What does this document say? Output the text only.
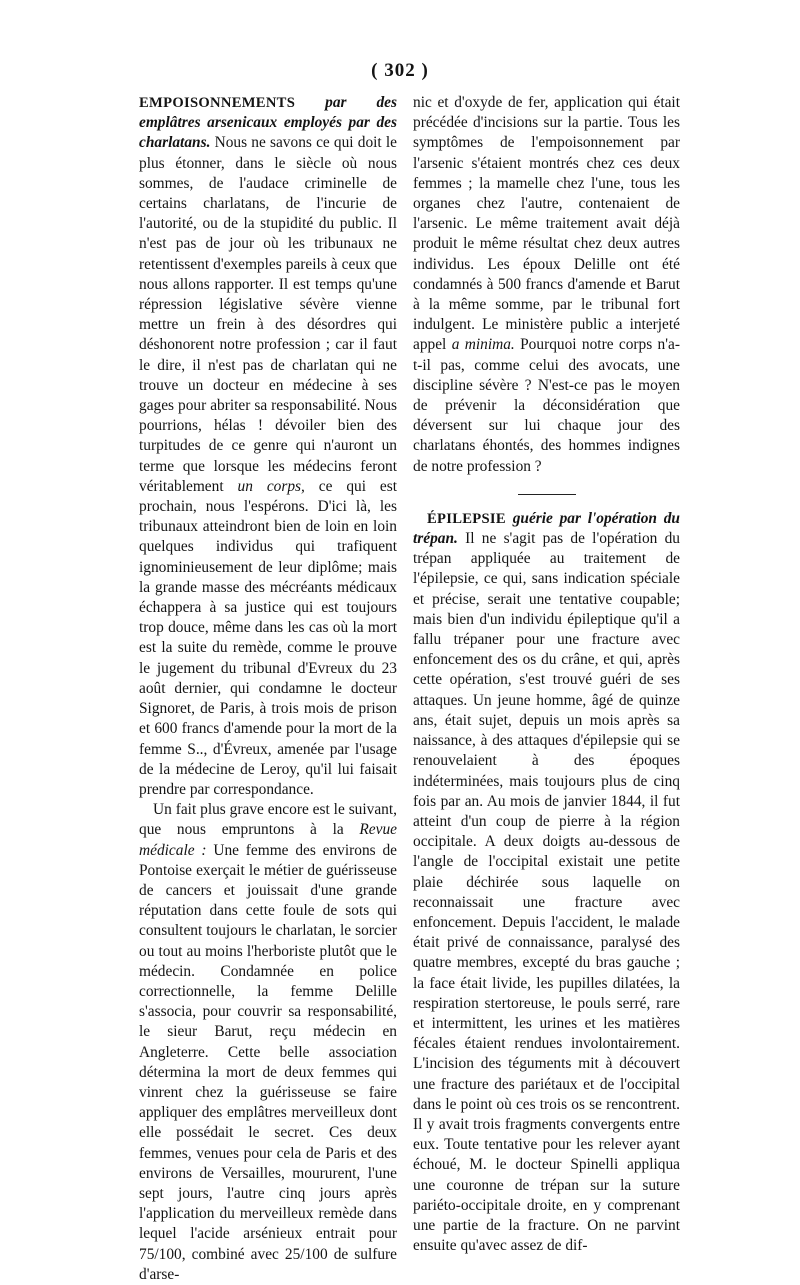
( 302 )

EMPOISONNEMENTS par des emplâtres arsenicaux employés par des charlatans. Nous ne savons ce qui doit le plus étonner, dans le siècle où nous sommes, de l'audace criminelle de certains charlatans, de l'incurie de l'autorité, ou de la stupidité du public. Il n'est pas de jour où les tribunaux ne retentissent d'exemples pareils à ceux que nous allons rapporter. Il est temps qu'une répression législative sévère vienne mettre un frein à des désordres qui déshonorent notre profession ; car il faut le dire, il n'est pas de charlatan qui ne trouve un docteur en médecine à ses gages pour abriter sa responsabilité. Nous pourrions, hélas ! dévoiler bien des turpitudes de ce genre qui n'auront un terme que lorsque les médecins feront véritablement un corps, ce qui est prochain, nous l'espérons. D'ici là, les tribunaux atteindront bien de loin en loin quelques individus qui trafiquent ignominieusement de leur diplôme; mais la grande masse des mécréants médicaux échappera à sa justice qui est toujours trop douce, même dans les cas où la mort est la suite du remède, comme le prouve le jugement du tribunal d'Evreux du 23 août dernier, qui condamne le docteur Signoret, de Paris, à trois mois de prison et 600 francs d'amende pour la mort de la femme S.., d'Évreux, amenée par l'usage de la médecine de Leroy, qu'il lui faisait prendre par correspondance.

Un fait plus grave encore est le suivant, que nous empruntons à la Revue médicale : Une femme des environs de Pontoise exerçait le métier de guérisseuse de cancers et jouissait d'une grande réputation dans cette foule de sots qui consultent toujours le charlatan, le sorcier ou tout au moins l'herboriste plutôt que le médecin. Condamnée en police correctionnelle, la femme Delille s'associa, pour couvrir sa responsabilité, le sieur Barut, reçu médecin en Angleterre. Cette belle association détermina la mort de deux femmes qui vinrent chez la guérisseuse se faire appliquer des emplâtres merveilleux dont elle possédait le secret. Ces deux femmes, venues pour cela de Paris et des environs de Versailles, moururent, l'une sept jours, l'autre cinq jours après l'application du merveilleux remède dans lequel l'acide arsénieux entrait pour 75/100, combiné avec 25/100 de sulfure d'arse-

nic et d'oxyde de fer, application qui était précédée d'incisions sur la partie. Tous les symptômes de l'empoisonnement par l'arsenic s'étaient montrés chez ces deux femmes ; la mamelle chez l'une, tous les organes chez l'autre, contenaient de l'arsenic. Le même traitement avait déjà produit le même résultat chez deux autres individus. Les époux Delille ont été condamnés à 500 francs d'amende et Barut à la même somme, par le tribunal fort indulgent. Le ministère public a interjeté appel a minima. Pourquoi notre corps n'a-t-il pas, comme celui des avocats, une discipline sévère ? N'est-ce pas le moyen de prévenir la déconsidération que déversent sur lui chaque jour des charlatans éhontés, des hommes indignes de notre profession ?

ÉPILEPSIE guérie par l'opération du trépan. Il ne s'agit pas de l'opération du trépan appliquée au traitement de l'épilepsie, ce qui, sans indication spéciale et précise, serait une tentative coupable; mais bien d'un individu épileptique qu'il a fallu trépaner pour une fracture avec enfoncement des os du crâne, et qui, après cette opération, s'est trouvé guéri de ses attaques. Un jeune homme, âgé de quinze ans, était sujet, depuis un mois après sa naissance, à des attaques d'épilepsie qui se renouvelaient à des époques indéterminées, mais toujours plus de cinq fois par an. Au mois de janvier 1844, il fut atteint d'un coup de pierre à la région occipitale. A deux doigts au-dessous de l'angle de l'occipital existait une petite plaie déchirée sous laquelle on reconnaissait une fracture avec enfoncement. Depuis l'accident, le malade était privé de connaissance, paralysé des quatre membres, excepté du bras gauche ; la face était livide, les pupilles dilatées, la respiration stertoreuse, le pouls serré, rare et intermittent, les urines et les matières fécales étaient rendues involontairement. L'incision des téguments mit à découvert une fracture des pariétaux et de l'occipital dans le point où ces trois os se rencontrent. Il y avait trois fragments convergents entre eux. Toute tentative pour les relever ayant échoué, M. le docteur Spinelli appliqua une couronne de trépan sur la suture pariéto-occipitale droite, en y comprenant une partie de la fracture. On ne parvint ensuite qu'avec assez de dif-
